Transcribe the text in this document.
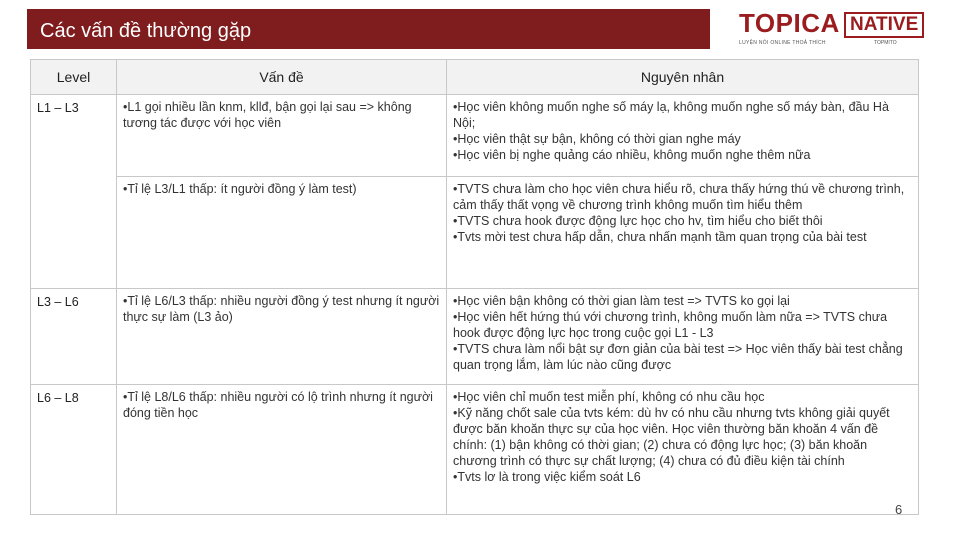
Các vấn đề thường gặp	TOPICA NATIVE
LUYỆN NÓI ONLINE THOẢ THÍCH	TOPMITO
Level	Vấn đề	Nguyên nhân
L1 – L3	•L1 gọi nhiều lần knm, kllđ, bận gọi lại sau => không tương tác được với học viên	•Học viên không muốn nghe số máy lạ, không muốn nghe số máy bàn, đầu Hà Nội;
•Học viên thật sự bận, không có thời gian nghe máy
•Học viên bị nghe quảng cáo nhiều, không muốn nghe thêm nữa

	•Tỉ lệ L3/L1 thấp: ít người đồng ý làm test)	•TVTS chưa làm cho học viên chưa hiểu rõ, chưa thấy hứng thú về chương trình, cảm thấy thất vọng về chương trình không muốn tìm hiểu thêm
•TVTS chưa hook được động lực học cho hv, tìm hiểu cho biết thôi
•Tvts mời test chưa hấp dẫn, chưa nhấn mạnh tầm quan trọng của bài test

L3 – L6	•Tỉ lệ L6/L3 thấp: nhiều người đồng ý test nhưng ít người thực sự làm (L3 ảo)	•Học viên bận không có thời gian làm test => TVTS ko gọi lại
•Học viên hết hứng thú với chương trình, không muốn làm nữa => TVTS chưa hook được động lực học trong cuộc gọi L1 - L3
•TVTS chưa làm nổi bật sự đơn giản của bài test => Học viên thấy bài test chẳng quan trọng lắm, làm lúc nào cũng được

L6 – L8	•Tỉ lệ L8/L6 thấp: nhiều người có lộ trình nhưng ít người đóng tiền học	•Học viên chỉ muốn test miễn phí, không có nhu cầu học
•Kỹ năng chốt sale của tvts kém: dù hv có nhu cầu nhưng tvts không giải quyết được băn khoăn thực sự của học viên. Học viên thường băn khoăn 4 vấn đề chính: (1) bận không có thời gian; (2) chưa có động lực học; (3) băn khoăn chương trình có thực sự chất lượng; (4) chưa có đủ điều kiện tài chính
•Tvts lơ là trong việc kiểm soát L6
6
